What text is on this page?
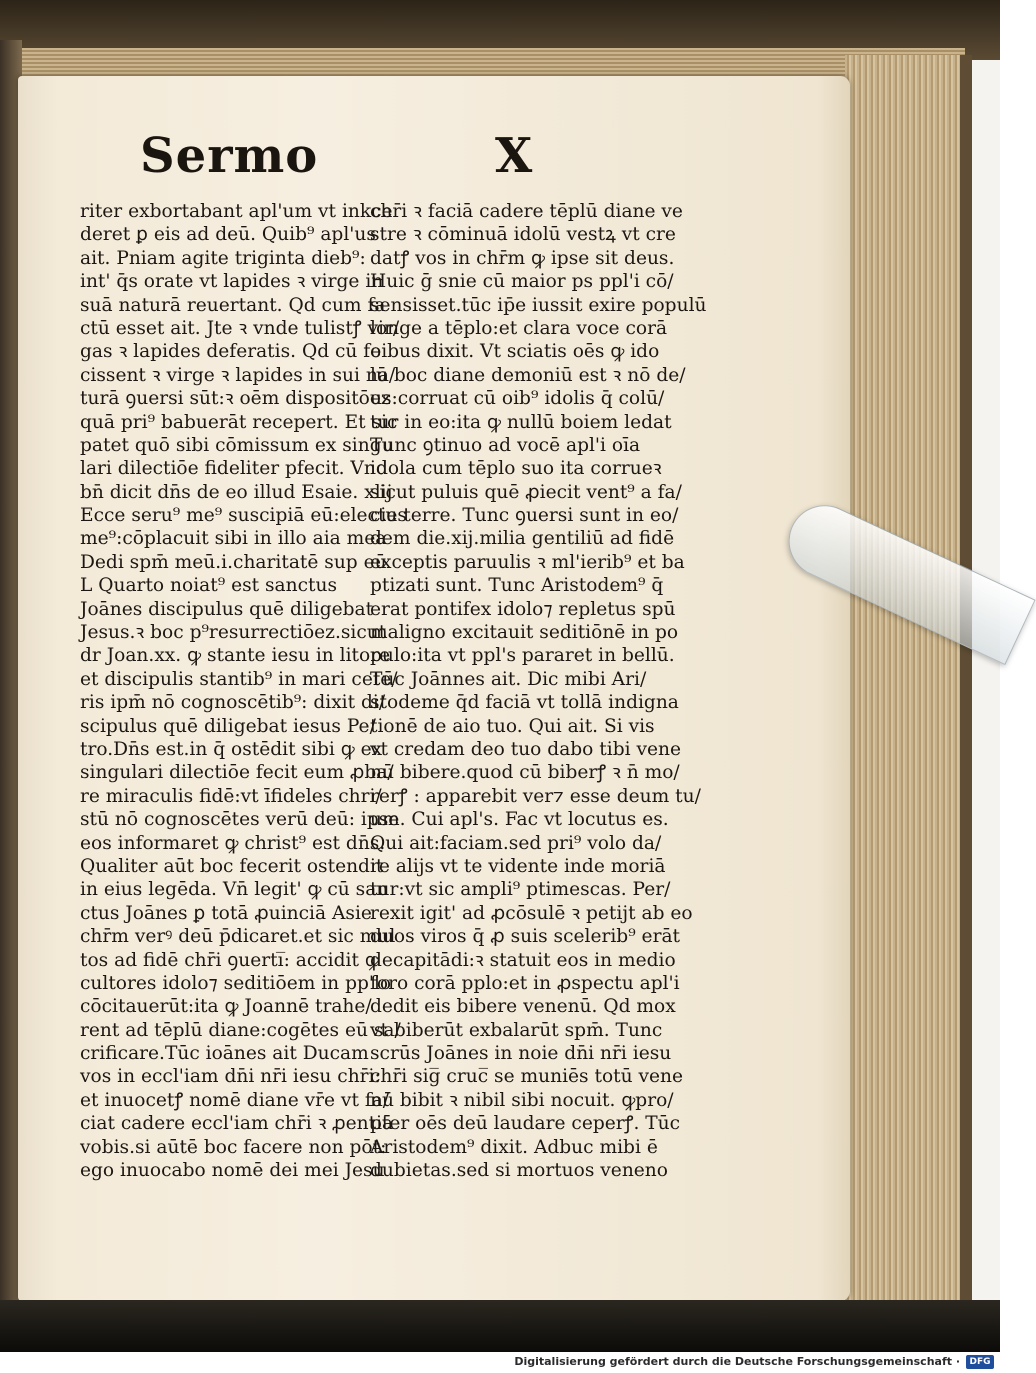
Sermo	X
riter exbortabant apl'um vt inkce
deret ꝑ eis ad deū. Quib⁹ apl'us
ait. Pniam agite triginta dieb⁹:
int' q̄s orate vt lapides ꝛ virge in
suā naturā reuertant. Qd cum fa
ctū esset ait. Jte ꝛ vnde tulistꝭ vir/
gas ꝛ lapides deferatis. Qd cū fe
cissent ꝛ virge ꝛ lapides in sui na/
turā ꝯuersi sūt:ꝛ oēm dispositōez
quā pri⁹ babuerāt recepert. Et sic
patet quō sibi cōmissum ex singu
lari dilectiōe fideliter pfecit. Vnd
bn̄ dicit dn̄s de eo illud Esaie. xlij
Ecce seru⁹ me⁹ suscipiā eū:electus
me⁹:cōplacuit sibi in illo aia mea
Dedi spm̄ meū.i.charitatē sup eū
L Quarto noiat⁹ est sanctus
Joānes discipulus quē diligebat
Jesus.ꝛ boc p⁹resurrectiōez.sicut
dr Joan.xx. ꝙ stante iesu in litore
et discipulis stantib⁹ in mari cete/
ris ipm̄ nō cognoscētib⁹: dixit di/
scipulus quē diligebat iesus Pe/
tro.Dn̄s est.in q̄ ostēdit sibi ꝙ ex
singulari dilectiōe fecit eum ꝓba/
re miraculis fidē:vt īfideles chri/
stū nō cognoscētes verū deū: ipse
eos informaret ꝙ christ⁹ est dn̄s.
Qualiter aūt boc fecerit ostendit
in eius legēda. Vn̄ legit' ꝙ cū san
ctus Joānes ꝑ totā ꝓuinciā Asie
chr̄m verꝰ deū p̄dicaret.et sic mul
tos ad fidē chr̄i ꝯuerti̅: accidit ꝙ
cultores idolo⁊ seditiōem in pp'lo
cōcitauerūt:ita ꝙ Joannē trahe/
rent ad tēplū diane:cogētes eū sa/
crificare.Tūc ioānes ait Ducam
vos in eccl'iam dn̄i nr̄i iesu chr̄i:
et inuocetꝭ nomē diane vr̄e vt fa/
ciat cadere eccl'iam chr̄i ꝛ ꝓentiā
vobis.si aūtē boc facere non pōt:
ego inuocabo nomē dei mei Jesu
chr̄i ꝛ faciā cadere tēplū diane ve
stre ꝛ cōminuā idolū vestꝝ vt cre
datꝭ vos in chr̄m ꝙ ipse sit deus.
Huic ḡ snie cū maior ps ppl'i cō/
sensisset.tūc ip̄e iussit exire populū
longe a tēplo:et clara voce corā
oibus dixit. Vt sciatis oēs ꝙ ido
lū boc diane demoniū est ꝛ nō de/
us:corruat cū oib⁹ idolis q̄ colū/
tur in eo:ita ꝙ nullū boiem ledat
Tunc ꝯtinuo ad vocē apl'i oīa
idola cum tēplo suo ita corrueꝛ
sicut puluis quē ꝓiecit vent⁹ a fa/
cie terre. Tunc ꝯuersi sunt in eo/
dem die.xij.milia gentiliū ad fidē
exceptis paruulis ꝛ ml'ierib⁹ et ba
ptizati sunt. Tunc Aristodem⁹ q̄
erat pontifex idolo⁊ repletus spū
maligno excitauit seditiōnē in po
pulo:ita vt ppl's pararet in bellū.
Tūc Joānnes ait. Dic mibi Ari/
stodeme q̄d faciā vt tollā indigna
tionē de aio tuo. Qui ait. Si vis
vt credam deo tuo dabo tibi vene
nū bibere.quod cū biberꝭ ꝛ n̄ mo/
rerꝭ : apparebit ver⁊ esse deum tu/
um. Cui apl's. Fac vt locutus es.
Qui ait:faciam.sed pri⁹ volo da/
re alijs vt te vidente inde moriā
tur:vt sic ampli⁹ ptimescas. Per/
rexit igit' ad ꝓcōsulē ꝛ petijt ab eo
duos viros q̄ ꝓ suis scelerib⁹ erāt
decapitādi:ꝛ statuit eos in medio
foro corā pplo:et in ꝓspectu apl'i
dedit eis bibere venenū. Qd mox
vt biberūt exbalarūt spm̄. Tunc
scrūs Joānes in noie dn̄i nr̄i iesu
chr̄i sig̅ cruc̅ se muniēs totū vene
nū bibit ꝛ nibil sibi nocuit. ꝙpro/
pter oēs deū laudare ceperꝭ. Tūc
Aristodem⁹ dixit. Adbuc mibi ē
dubietas.sed si mortuos veneno
Digitalisierung gefördert durch die Deutsche Forschungsgemeinschaft ·	DFG
